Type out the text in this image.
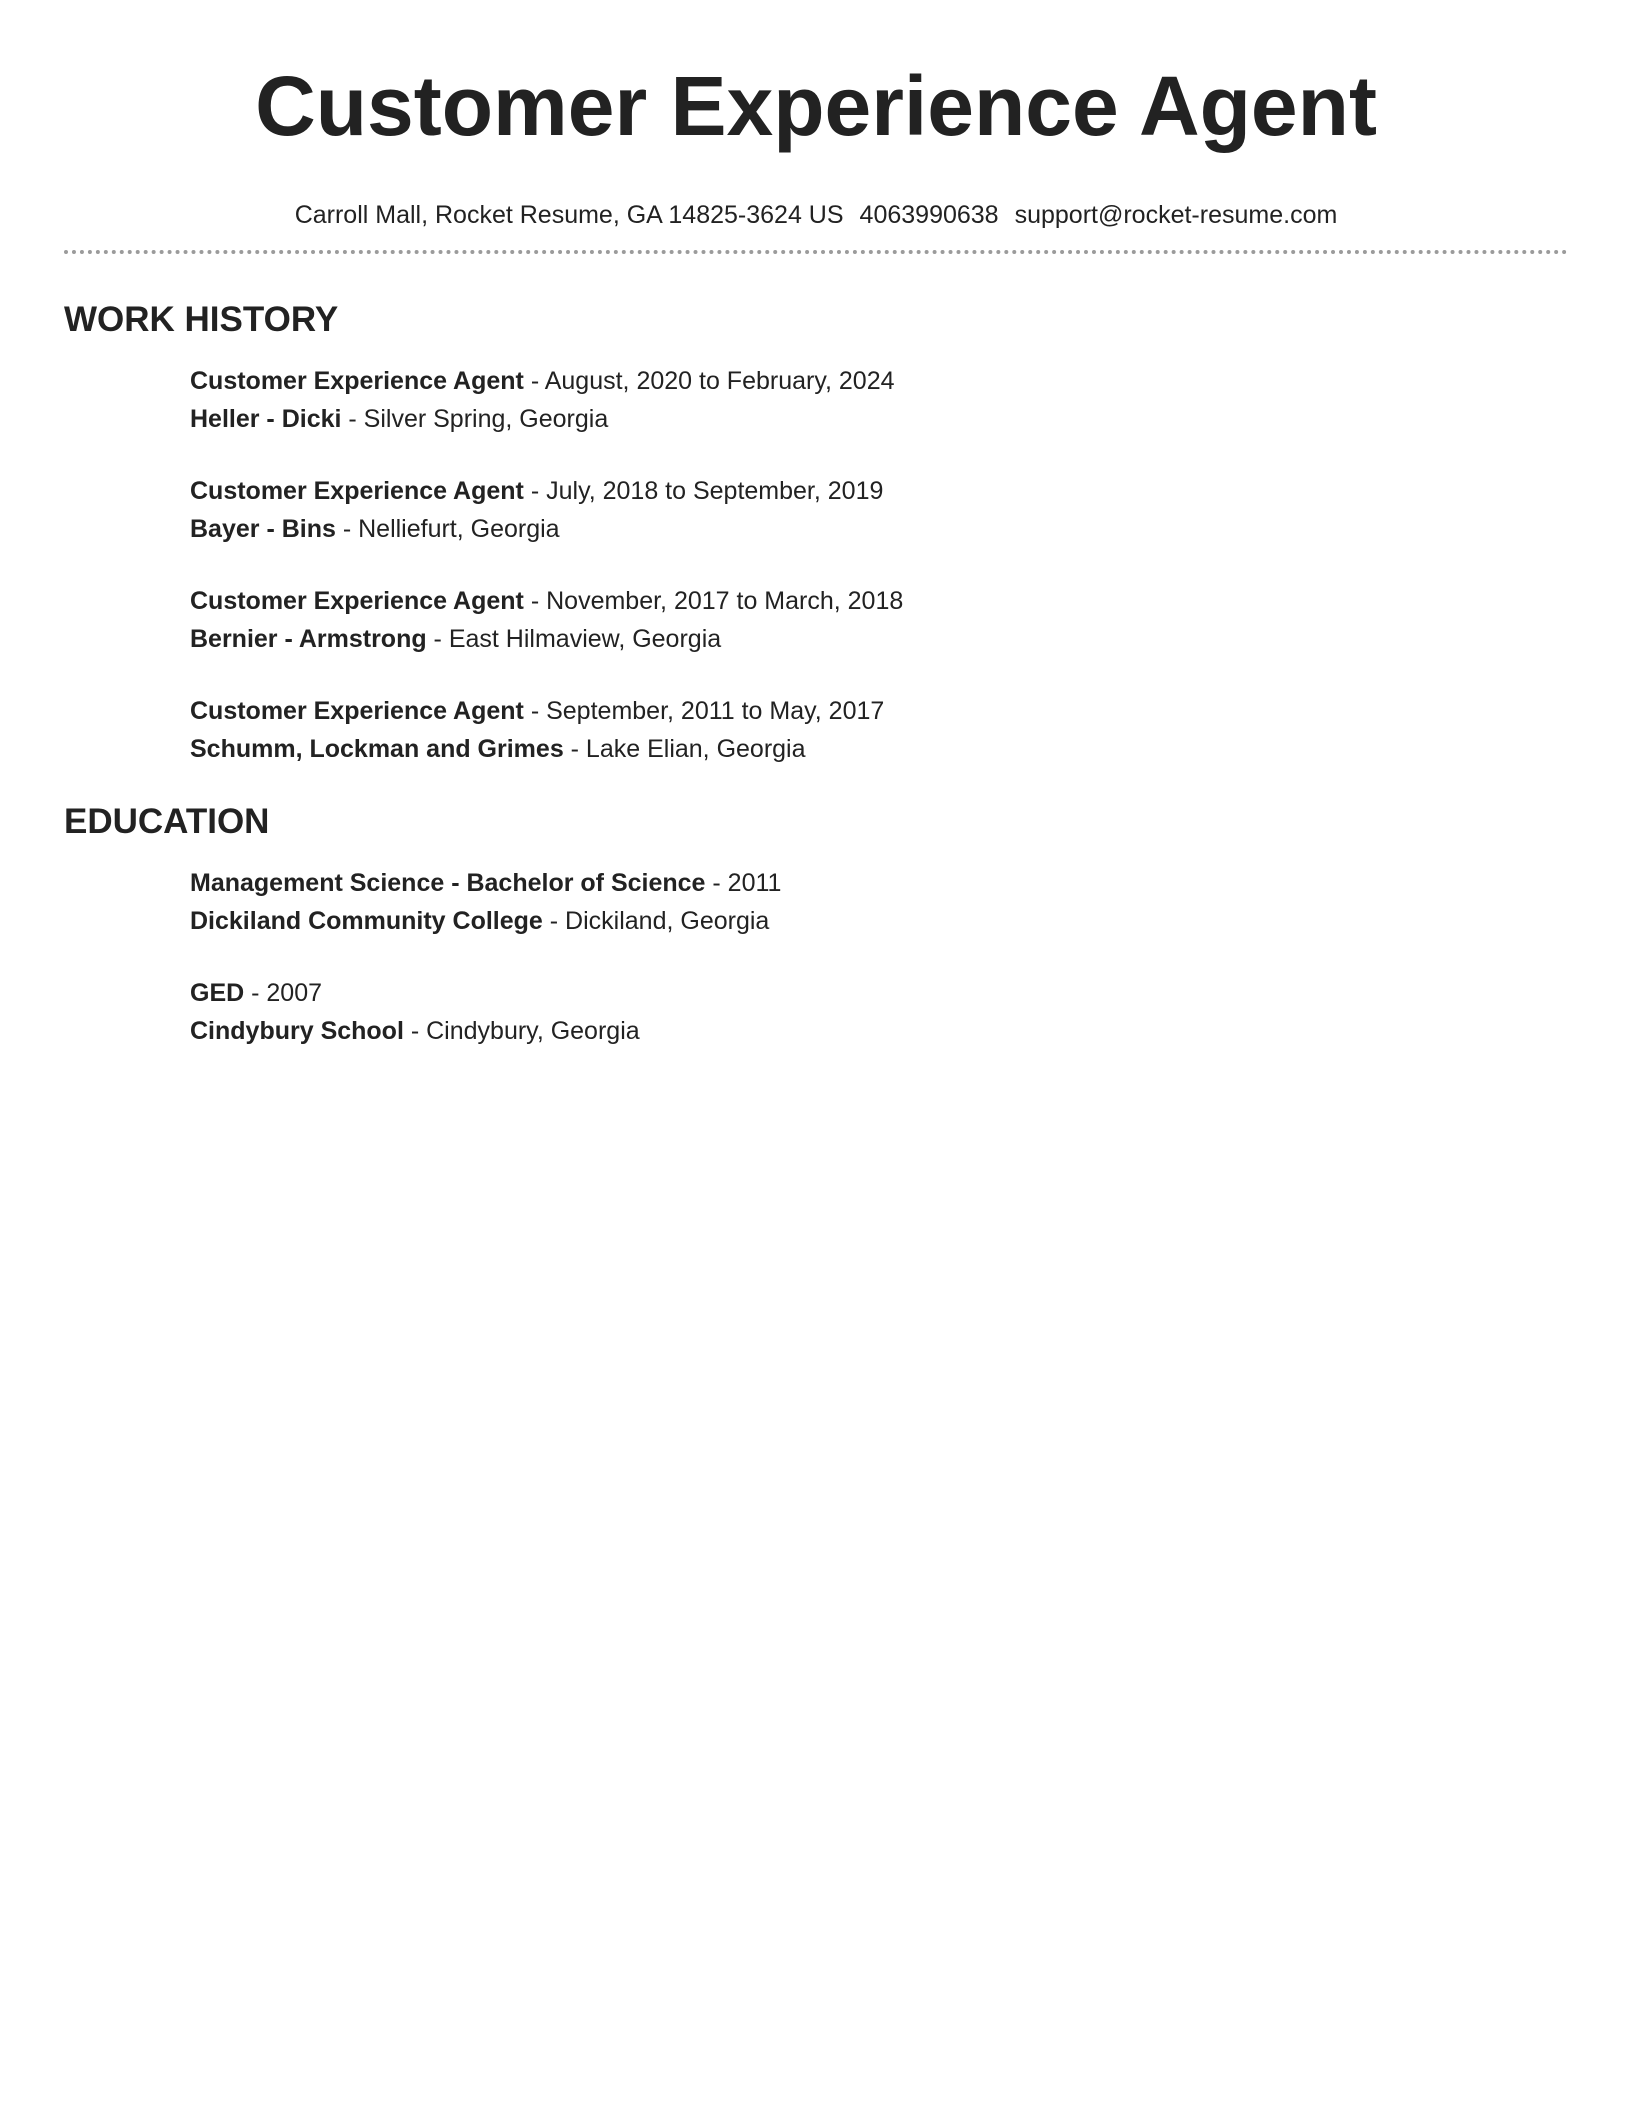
Customer Experience Agent
Carroll Mall, Rocket Resume, GA 14825-3624 US 4063990638 support@rocket-resume.com
WORK HISTORY
Customer Experience Agent - August, 2020 to February, 2024
Heller - Dicki - Silver Spring, Georgia
Customer Experience Agent - July, 2018 to September, 2019
Bayer - Bins - Nelliefurt, Georgia
Customer Experience Agent - November, 2017 to March, 2018
Bernier - Armstrong - East Hilmaview, Georgia
Customer Experience Agent - September, 2011 to May, 2017
Schumm, Lockman and Grimes - Lake Elian, Georgia
EDUCATION
Management Science - Bachelor of Science - 2011
Dickiland Community College - Dickiland, Georgia
GED - 2007
Cindybury School - Cindybury, Georgia
